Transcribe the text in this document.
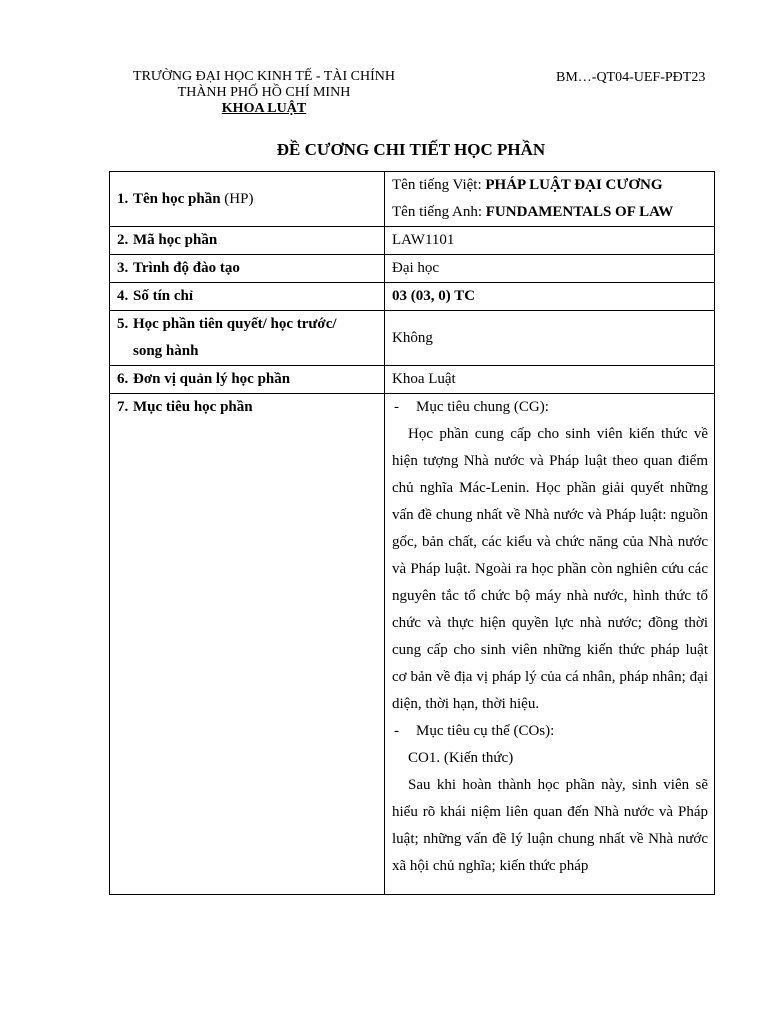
TRƯỜNG ĐẠI HỌC KINH TẾ - TÀI CHÍNH
THÀNH PHỐ HỒ CHÍ MINH
KHOA LUẬT
BM…-QT04-UEF-PĐT23
ĐỀ CƯƠNG CHI TIẾT HỌC PHẦN
1. Tên học phần (HP)	Tên tiếng Việt: PHÁP LUẬT ĐẠI CƯƠNG
Tên tiếng Anh: FUNDAMENTALS OF LAW

2. Mã học phần	LAW1101
3. Trình độ đào tạo	Đại học
4. Số tín chỉ	03 (03, 0) TC
5. Học phần tiên quyết/ học trước/
song hành	Không
6. Đơn vị quản lý học phần	Khoa Luật
7. Mục tiêu học phần	- Mục tiêu chung (CG):
Học phần cung cấp cho sinh viên kiến thức về hiện tượng Nhà nước và Pháp luật theo quan điểm chủ nghĩa Mác-Lenin. Học phần giải quyết những vấn đề chung nhất về Nhà nước và Pháp luật: nguồn gốc, bản chất, các kiểu và chức năng của Nhà nước và Pháp luật. Ngoài ra học phần còn nghiên cứu các nguyên tắc tổ chức bộ máy nhà nước, hình thức tổ chức và thực hiện quyền lực nhà nước; đồng thời cung cấp cho sinh viên những kiến thức pháp luật cơ bản về địa vị pháp lý của cá nhân, pháp nhân; đại diện, thời hạn, thời hiệu.
- Mục tiêu cụ thể (COs):
CO1. (Kiến thức)
Sau khi hoàn thành học phần này, sinh viên sẽ hiểu rõ khái niệm liên quan đến Nhà nước và Pháp luật; những vấn đề lý luận chung nhất về Nhà nước xã hội chủ nghĩa; kiến thức pháp
